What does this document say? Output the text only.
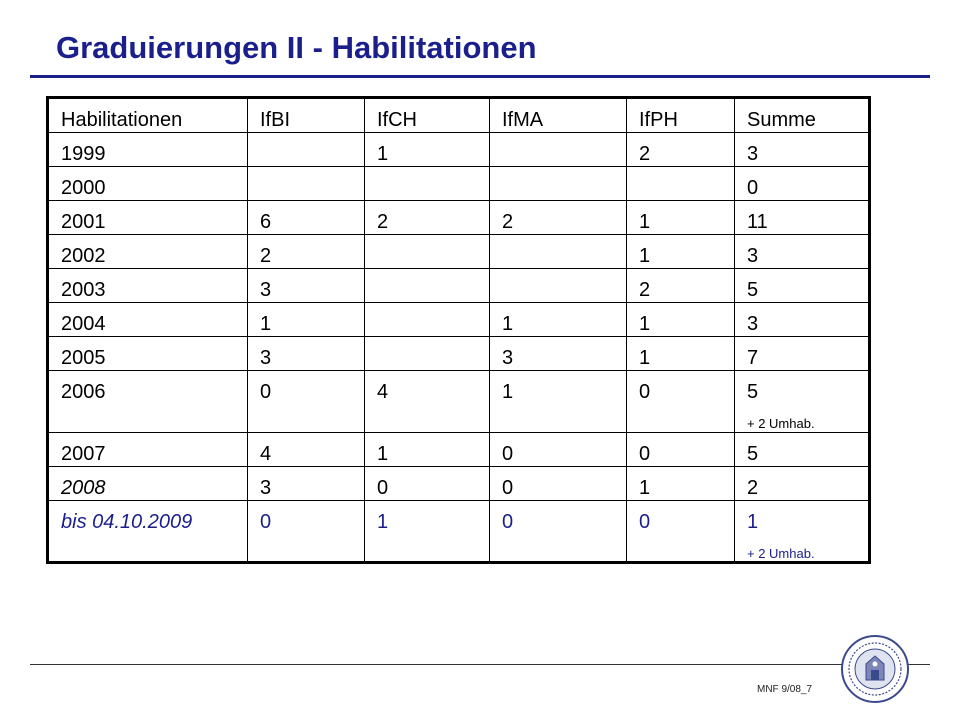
Graduierungen II - Habilitationen
Habilitationen	IfBI	IfCH	IfMA	IfPH	Summe
1999		1		2	3
2000					0
2001	6	2	2	1	11
2002	2			1	3
2003	3			2	5
2004	1		1	1	3
2005	3		3	1	7
2006	0	4	1	0	5
+ 2 Umhab.

2007	4	1	0	0	5
2008	3	0	0	1	2
bis 04.10.2009	0	1	0	0	1
+ 2 Umhab.
MNF 9/08_7
